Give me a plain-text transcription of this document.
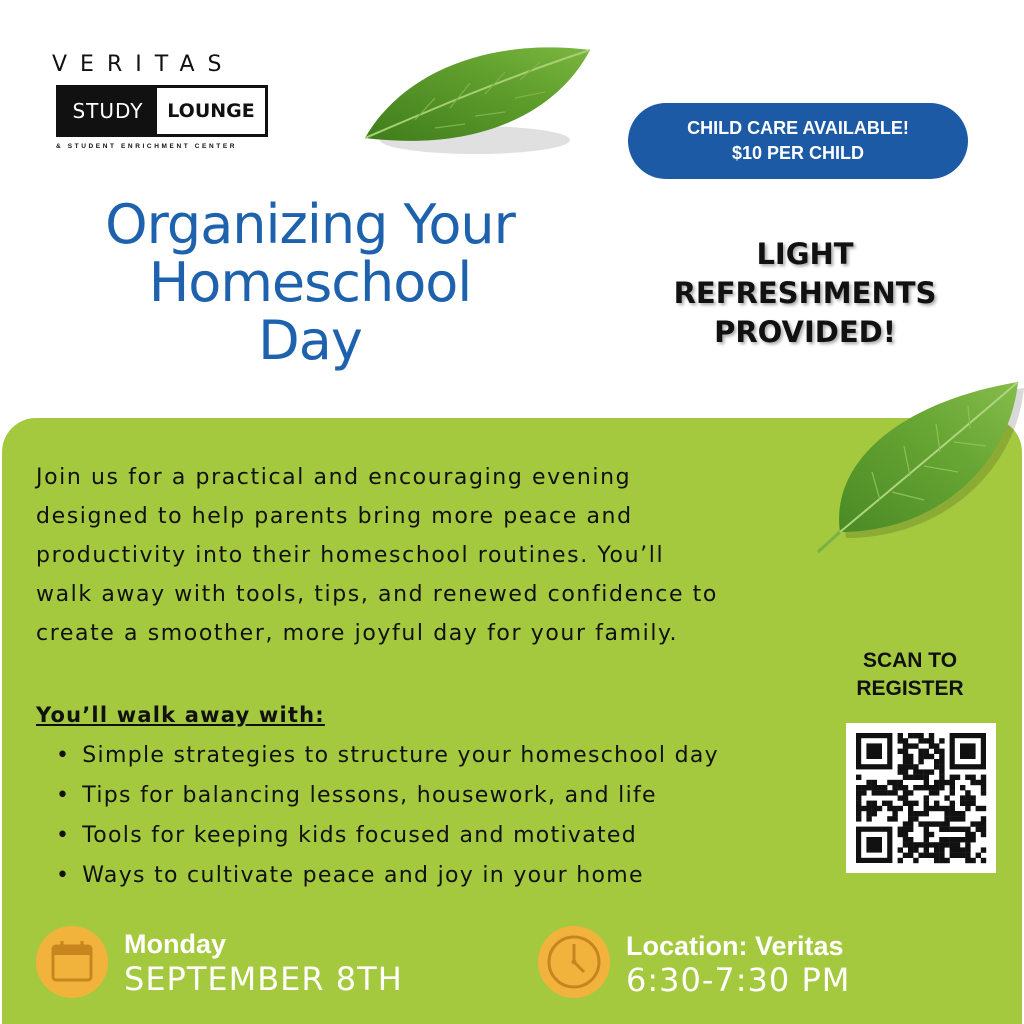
VERITAS
STUDY	LOUNGE
& STUDENT ENRICHMENT CENTER
Organizing Your
Homeschool
Day
CHILD CARE AVAILABLE!
$10 PER CHILD
LIGHT
REFRESHMENTS
PROVIDED!
Join us for a practical and encouraging evening
designed to help parents bring more peace and
productivity into their homeschool routines. You’ll
walk away with tools, tips, and renewed confidence to
create a smoother, more joyful day for your family.
You’ll walk away with:
• Simple strategies to structure your homeschool day
• Tips for balancing lessons, housework, and life
• Tools for keeping kids focused and motivated
• Ways to cultivate peace and joy in your home
SCAN TO
REGISTER
Monday
SEPTEMBER 8TH
Location: Veritas
6:30-7:30 PM
